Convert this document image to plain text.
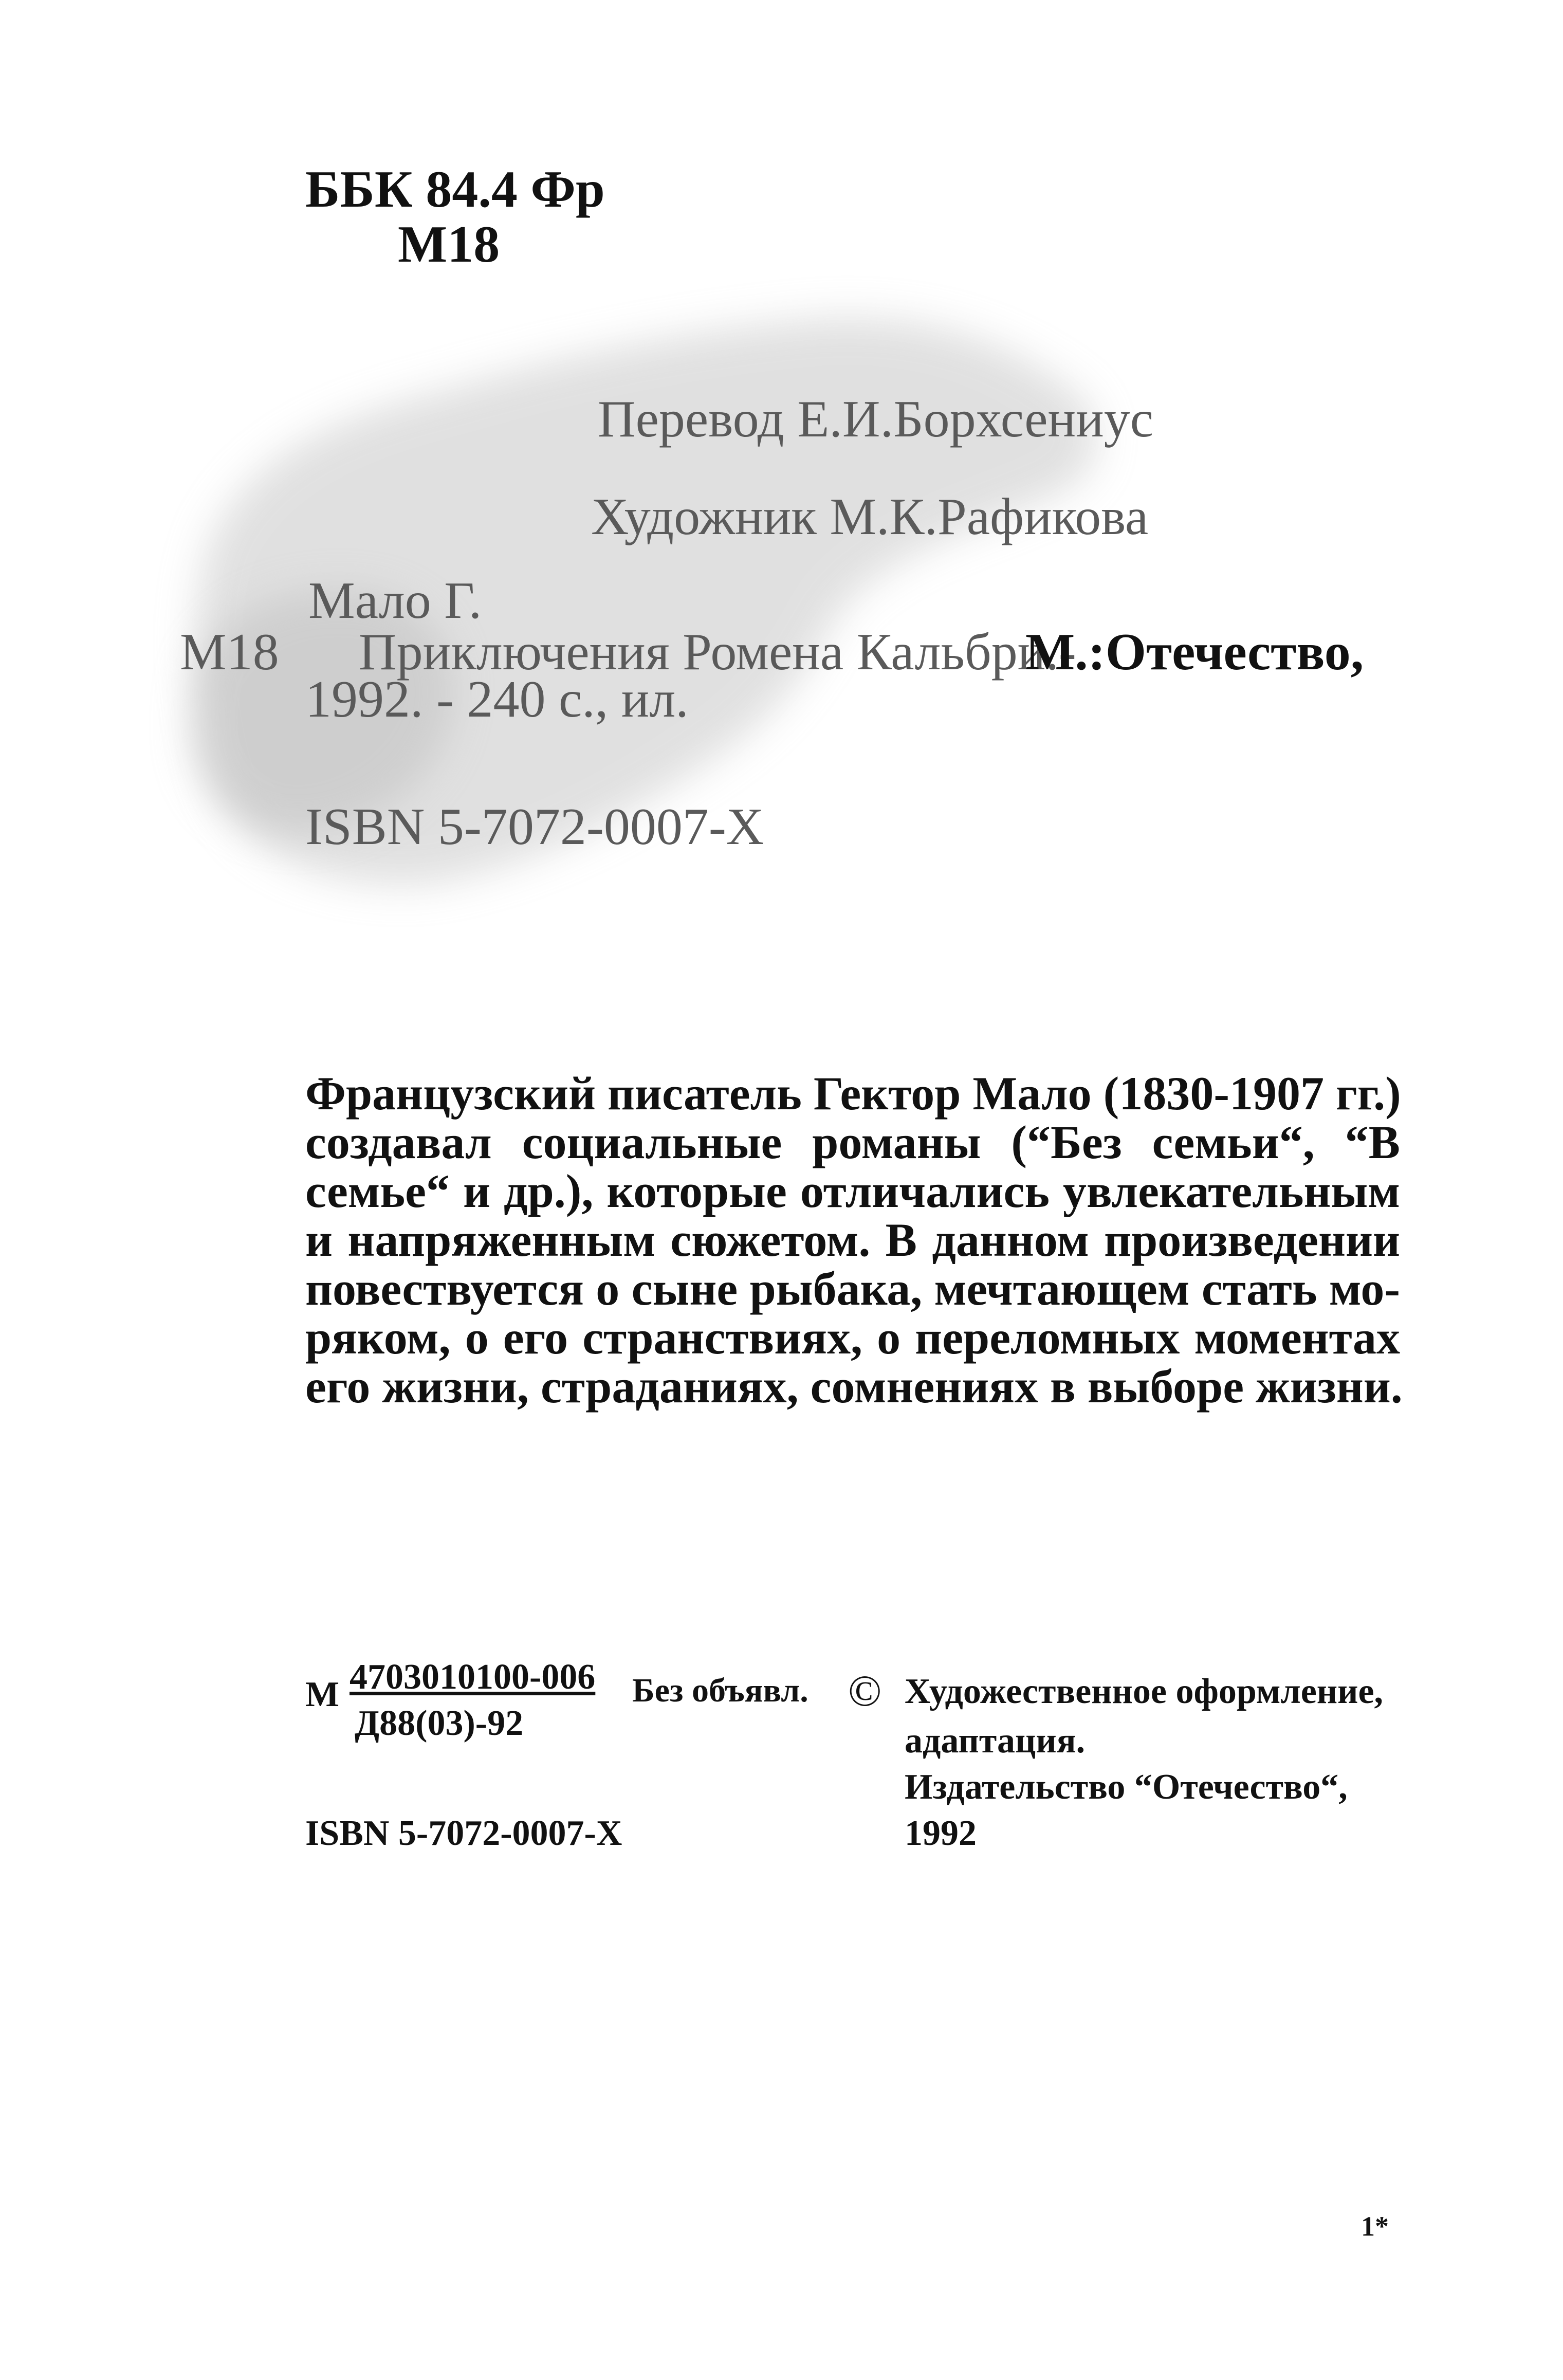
ББК 84.4 Фр
М18
Перевод Е.И.Борхсениус
Художник М.К.Рафикова
Мало Г.
М18 Приключения Ромена Кальбри.-
М.:Отечество,
1992. - 240 с., ил.
ISBN 5-7072-0007-X
Французский писатель Гектор Мало (1830-1907 гг.)
создавал социальные романы (“Без семьи“, “В
семье“ и др.), которые отличались увлекательным
и напряженным сюжетом. В данном произведении
повествуется о сыне рыбака, мечтающем стать мо-
ряком, о его странствиях, о переломных моментах
его жизни, страданиях, сомнениях в выборе жизни.
М 4703010100-006
Д88(03)-92
Без объявл. © Художественное оформление,
адаптация.
Издательство “Отечество“,
1992
ISBN 5-7072-0007-X
1*
